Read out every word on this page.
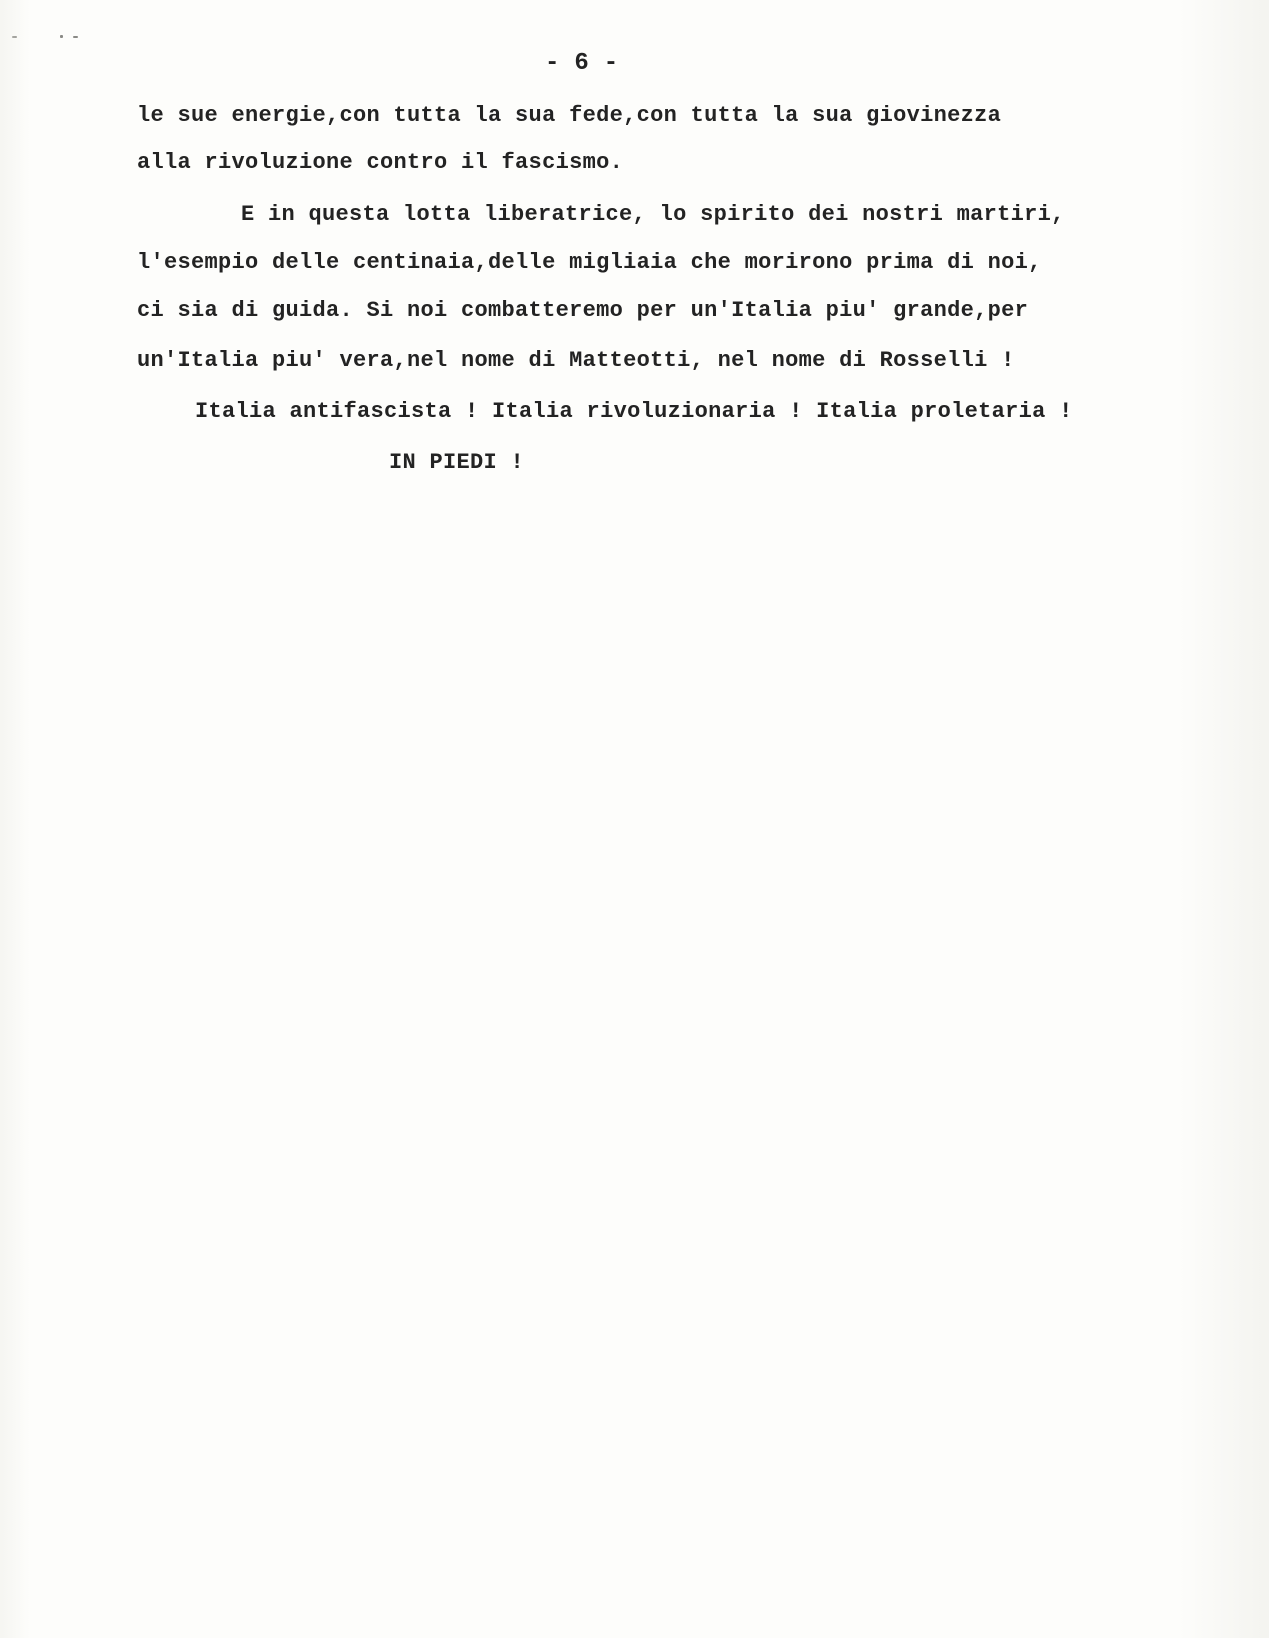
- 6 -
le sue energie,con tutta la sua fede,con tutta la sua giovinezza
alla rivoluzione contro il fascismo.
E in questa lotta liberatrice, lo spirito dei nostri martiri,
l'esempio delle centinaia,delle migliaia che morirono prima di noi,
ci sia di guida. Si noi combatteremo per un'Italia piu' grande,per
un'Italia piu' vera,nel nome di Matteotti, nel nome di Rosselli !
Italia antifascista ! Italia rivoluzionaria ! Italia proletaria !
IN PIEDI !
